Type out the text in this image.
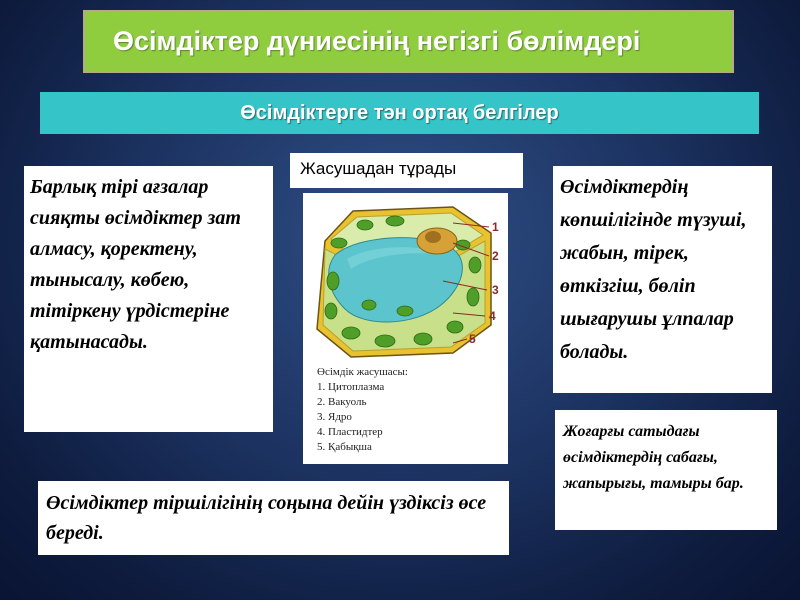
Өсімдіктер дүниесінің негізгі бөлімдері
Өсімдіктерге тән ортақ белгілер
Барлық тірі ағзалар сияқты өсімдіктер зат алмасу, қоректену, тынысалу, көбею, тітіркену үрдістеріне қатынасады.
Жасушадан тұрады
1
2
3
4
5
Өсімдік жасушасы:
1. Цитоплазма
2. Вакуоль
3. Ядро
4. Пластидтер
5. Қабықша
Өсімдіктердің көпшілігінде түзуші, жабын, тірек, өткізгіш, бөліп шығарушы ұлпалар болады.
Жоғарғы сатыдағы өсімдіктердің сабағы, жапырығы, тамыры бар.
Өсімдіктер тіршілігінің соңына дейін үздіксіз өсе береді.
